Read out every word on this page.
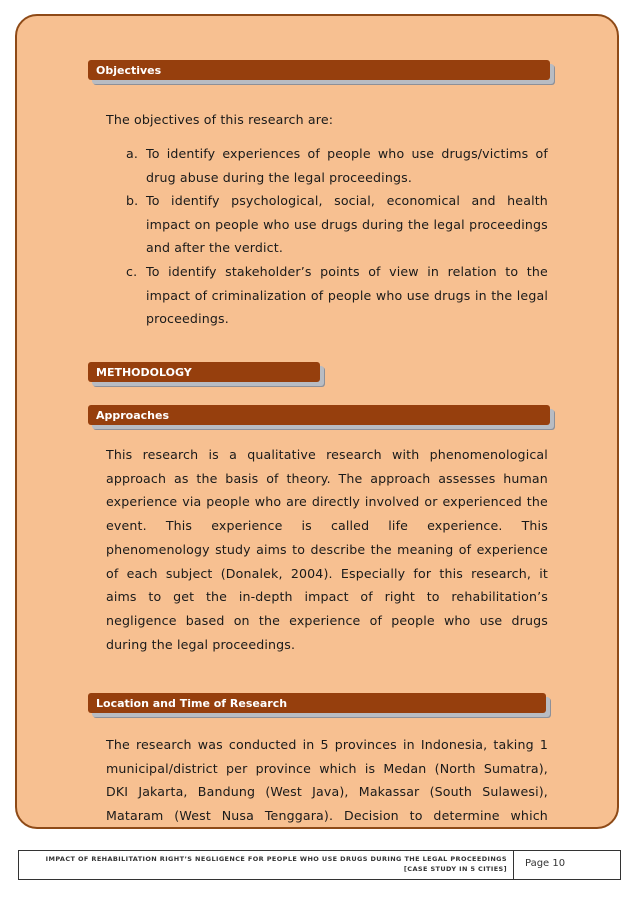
Objectives
The objectives of this research are:
a. To identify experiences of people who use drugs/victims of
drug abuse during the legal proceedings.
b. To identify psychological, social, economical and health
impact on people who use drugs during the legal proceedings
and after the verdict.
c. To identify stakeholder’s points of view in relation to the
impact of criminalization of people who use drugs in the legal
proceedings.
METHODOLOGY
Approaches
This research is a qualitative research with phenomenological
approach as the basis of theory. The approach assesses human
experience via people who are directly involved or experienced the
event. This experience is called life experience. This
phenomenology study aims to describe the meaning of experience
of each subject (Donalek, 2004). Especially for this research, it
aims to get the in-depth impact of right to rehabilitation’s
negligence based on the experience of people who use drugs
during the legal proceedings.
Location and Time of Research
The research was conducted in 5 provinces in Indonesia, taking 1
municipal/district per province which is Medan (North Sumatra),
DKI Jakarta, Bandung (West Java), Makassar (South Sulawesi),
Mataram (West Nusa Tenggara). Decision to determine which
IMPACT OF REHABILITATION RIGHT’S NEGLIGENCE FOR PEOPLE WHO USE DRUGS DURING THE LEGAL PROCEEDINGS
[CASE STUDY IN 5 CITIES] Page 10
